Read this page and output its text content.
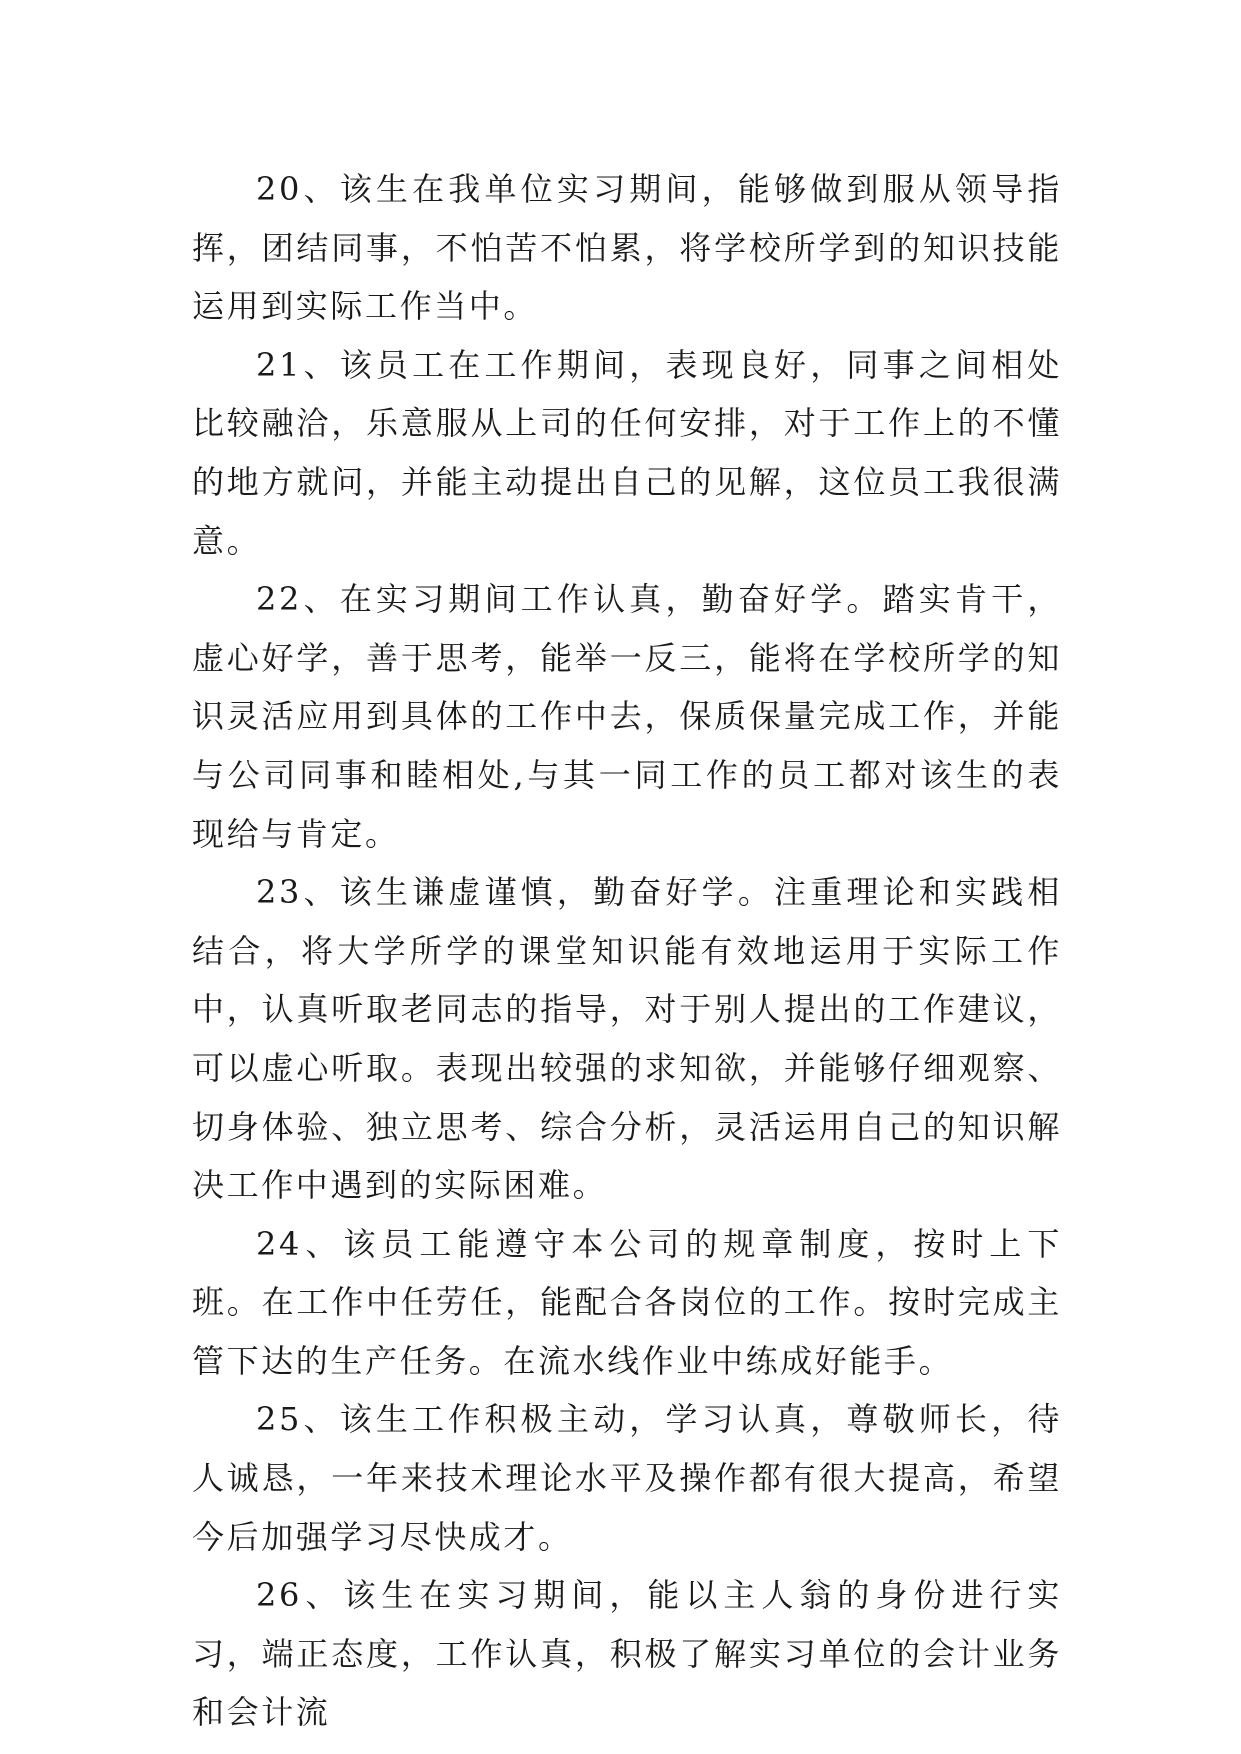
20、该生在我单位实习期间，能够做到服从领导指挥，团结同事，不怕苦不怕累，将学校所学到的知识技能运用到实际工作当中。

21、该员工在工作期间，表现良好，同事之间相处比较融洽，乐意服从上司的任何安排，对于工作上的不懂的地方就问，并能主动提出自己的见解，这位员工我很满意。

22、在实习期间工作认真，勤奋好学。踏实肯干，虚心好学，善于思考，能举一反三，能将在学校所学的知识灵活应用到具体的工作中去，保质保量完成工作，并能与公司同事和睦相处,与其一同工作的员工都对该生的表现给与肯定。

23、该生谦虚谨慎，勤奋好学。注重理论和实践相结合，将大学所学的课堂知识能有效地运用于实际工作中，认真听取老同志的指导，对于别人提出的工作建议，可以虚心听取。表现出较强的求知欲，并能够仔细观察、切身体验、独立思考、综合分析，灵活运用自己的知识解决工作中遇到的实际困难。

24、该员工能遵守本公司的规章制度，按时上下班。在工作中任劳任，能配合各岗位的工作。按时完成主管下达的生产任务。在流水线作业中练成好能手。

25、该生工作积极主动，学习认真，尊敬师长，待人诚恳，一年来技术理论水平及操作都有很大提高，希望今后加强学习尽快成才。

26、该生在实习期间，能以主人翁的身份进行实习，端正态度，工作认真，积极了解实习单位的会计业务和会计流
